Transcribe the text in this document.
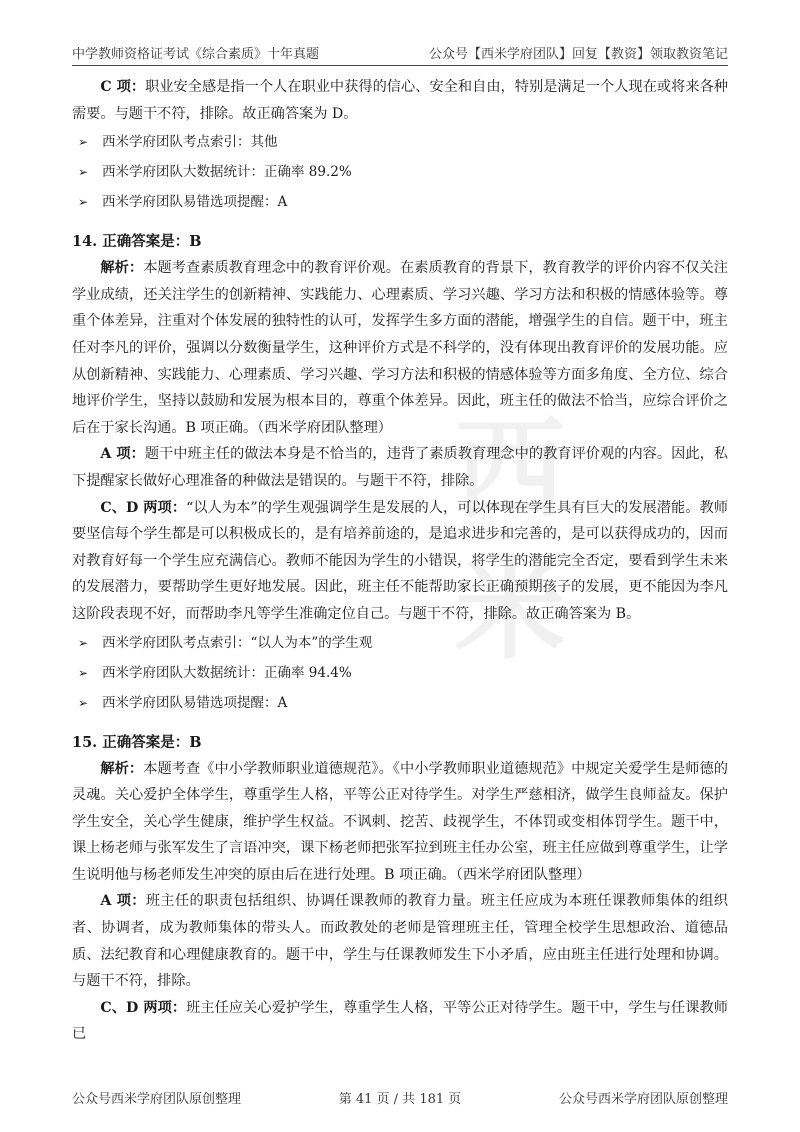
中学教师资格证考试《综合素质》十年真题	公众号【西米学府团队】回复【教资】领取教资笔记
西米

C 项：职业安全感是指一个人在职业中获得的信心、安全和自由，特别是满足一个人现在或将来各种需要。与题干不符，排除。故正确答案为 D。

➢ 西米学府团队考点索引：其他
➢ 西米学府团队大数据统计：正确率 89.2%
➢ 西米学府团队易错选项提醒：A
14. 正确答案是：B

解析：本题考查素质教育理念中的教育评价观。在素质教育的背景下，教育教学的评价内容不仅关注学业成绩，还关注学生的创新精神、实践能力、心理素质、学习兴趣、学习方法和积极的情感体验等。尊重个体差异，注重对个体发展的独特性的认可，发挥学生多方面的潜能，增强学生的自信。题干中，班主任对李凡的评价，强调以分数衡量学生，这种评价方式是不科学的，没有体现出教育评价的发展功能。应从创新精神、实践能力、心理素质、学习兴趣、学习方法和积极的情感体验等方面多角度、全方位、综合地评价学生，坚持以鼓励和发展为根本目的，尊重个体差异。因此，班主任的做法不恰当，应综合评价之后在于家长沟通。B 项正确。（西米学府团队整理）

A 项：题干中班主任的做法本身是不恰当的，违背了素质教育理念中的教育评价观的内容。因此，私下提醒家长做好心理准备的种做法是错误的。与题干不符，排除。

C、D 两项：“以人为本”的学生观强调学生是发展的人，可以体现在学生具有巨大的发展潜能。教师要坚信每个学生都是可以积极成长的，是有培养前途的，是追求进步和完善的，是可以获得成功的，因而对教育好每一个学生应充满信心。教师不能因为学生的小错误，将学生的潜能完全否定，要看到学生未来的发展潜力，要帮助学生更好地发展。因此，班主任不能帮助家长正确预期孩子的发展，更不能因为李凡这阶段表现不好，而帮助李凡等学生准确定位自己。与题干不符，排除。故正确答案为 B。

➢ 西米学府团队考点索引：“以人为本”的学生观
➢ 西米学府团队大数据统计：正确率 94.4%
➢ 西米学府团队易错选项提醒：A
15. 正确答案是：B

解析：本题考查《中小学教师职业道德规范》。《中小学教师职业道德规范》中规定关爱学生是师德的灵魂。关心爱护全体学生，尊重学生人格，平等公正对待学生。对学生严慈相济，做学生良师益友。保护学生安全，关心学生健康，维护学生权益。不讽刺、挖苦、歧视学生，不体罚或变相体罚学生。题干中，课上杨老师与张军发生了言语冲突，课下杨老师把张军拉到班主任办公室，班主任应做到尊重学生，让学生说明他与杨老师发生冲突的原由后在进行处理。B 项正确。（西米学府团队整理）

A 项：班主任的职责包括组织、协调任课教师的教育力量。班主任应成为本班任课教师集体的组织者、协调者，成为教师集体的带头人。而政教处的老师是管理班主任，管理全校学生思想政治、道德品质、法纪教育和心理健康教育的。题干中，学生与任课教师发生下小矛盾，应由班主任进行处理和协调。与题干不符，排除。

C、D 两项：班主任应关心爱护学生，尊重学生人格，平等公正对待学生。题干中，学生与任课教师已

公众号西米学府团队原创整理	第 41 页 / 共 181 页	公众号西米学府团队原创整理
